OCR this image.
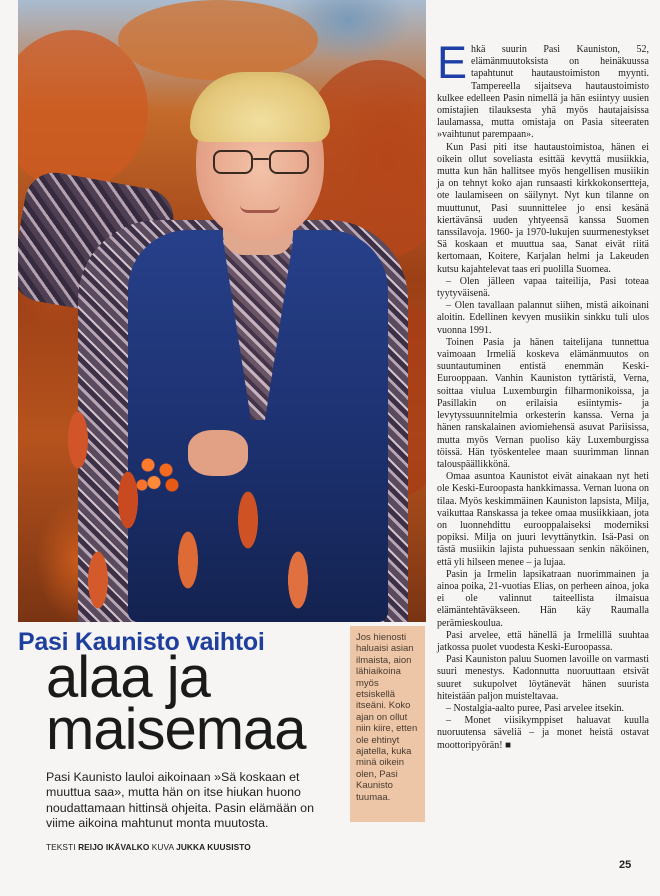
Ehkä suurin Pasi Kauniston, 52, elämänmuutoksista on heinäkuussa tapahtunut hautaustoimiston myynti. Tampereella sijaitseva hautaustoimisto kulkee edelleen Pasin nimellä ja hän esiintyy uusien omistajien tilauksesta yhä myös hautajaisissa laulamassa, mutta omistaja on Pasia siteeraten »vaihtunut parempaan».

Kun Pasi piti itse hautaustoimistoa, hänen ei oikein ollut soveliasta esittää kevyttä musiikkia, mutta kun hän hallitsee myös hengellisen musiikin ja on tehnyt koko ajan runsaasti kirkkokonsertteja, ote laulamiseen on säilynyt. Nyt kun tilanne on muuttunut, Pasi suunnittelee jo ensi kesänä kiertävänsä uuden yhtyeensä kanssa Suomen tanssilavoja. 1960- ja 1970-lukujen suurmenestykset Sä koskaan et muuttua saa, Sanat eivät riitä kertomaan, Koitere, Karjalan helmi ja Lakeuden kutsu kajahtelevat taas eri puolilla Suomea.

– Olen jälleen vapaa taiteilija, Pasi toteaa tyytyväisenä.

– Olen tavallaan palannut siihen, mistä aikoinani aloitin. Edellinen kevyen musiikin sinkku tuli ulos vuonna 1991.

Toinen Pasia ja hänen taitelijana tunnettua vaimoaan Irmeliä koskeva elämänmuutos on suuntautuminen entistä enemmän Keski-Eurooppaan. Vanhin Kauniston tyttäristä, Verna, soittaa viulua Luxemburgin filharmonikoissa, ja Pasillakin on erilaisia esiintymis- ja levytyssuunnitelmia orkesterin kanssa. Verna ja hänen ranskalainen aviomiehensä asuvat Pariisissa, mutta myös Vernan puoliso käy Luxemburgissa töissä. Hän työskentelee maan suurimman linnan talouspäällikkönä.

Omaa asuntoa Kaunistot eivät ainakaan nyt heti ole Keski-Euroopasta hankkimassa. Vernan luona on tilaa. Myös keskimmäinen Kauniston lapsista, Milja, vaikuttaa Ranskassa ja tekee omaa musiikkiaan, jota on luonnehdittu eurooppalaiseksi moderniksi popiksi. Milja on juuri levyttänytkin. Isä-Pasi on tästä musiikin lajista puhuessaan senkin näköinen, että yli hilseen menee – ja lujaa.

Pasin ja Irmelin lapsikatraan nuorimmainen ja ainoa poika, 21-vuotias Elias, on perheen ainoa, joka ei ole valinnut taiteellista ilmaisua elämäntehtäväkseen. Hän käy Raumalla perämieskoulua.

Pasi arvelee, että hänellä ja Irmelillä suuhtaa jatkossa puolet vuodesta Keski-Euroopassa.

Pasi Kauniston paluu Suomen lavoille on varmasti suuri menestys. Kadonnutta nuoruuttaan etsivät suuret sukupolvet löytänevät hänen suurista hiteistään paljon muisteltavaa.

– Nostalgia-aalto puree, Pasi arvelee itsekin.

– Monet viisikymppiset haluavat kuulla nuoruutensa säveliä – ja monet heistä ostavat moottoripyörän! ■

Pasi Kaunisto vaihtoi
alaa ja
maisemaa
Pasi Kaunisto lauloi aikoinaan »Sä koskaan et muuttua saa», mutta hän on itse hiukan huono noudattamaan hittinsä ohjeita. Pasin elämään on viime aikoina mahtunut monta muutosta.
TEKSTI REIJO IKÄVALKO KUVA JUKKA KUUSISTO
Jos hienosti haluaisi asian ilmaista, aion lähiaikoina myös etsiskellä itseäni. Koko ajan on ollut niin kiire, etten ole ehtinyt ajatella, kuka minä oikein olen, Pasi Kaunisto tuumaa.
25
